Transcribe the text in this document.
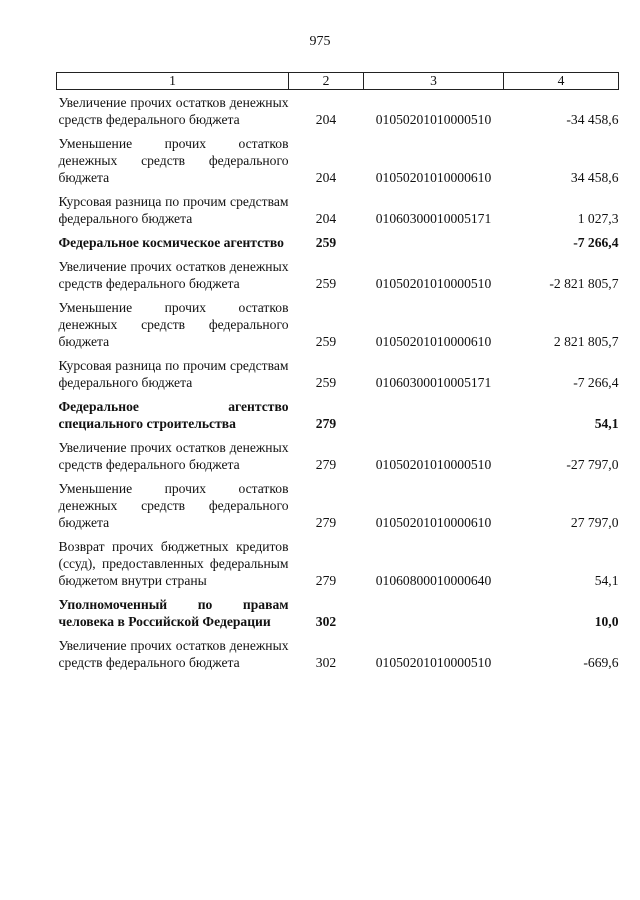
975
1	2	3	4
Увеличение прочих остатков денежных средств федерального бюджета	204	01050201010000510	-34 458,6
Уменьшение прочих остатков денежных средств федерального бюджета	204	01050201010000610	34 458,6
Курсовая разница по прочим средствам федерального бюджета	204	01060300010005171	1 027,3
Федеральное космическое агентство	259		-7 266,4
Увеличение прочих остатков денежных средств федерального бюджета	259	01050201010000510	-2 821 805,7
Уменьшение прочих остатков денежных средств федерального бюджета	259	01050201010000610	2 821 805,7
Курсовая разница по прочим средствам федерального бюджета	259	01060300010005171	-7 266,4
Федеральное агентство специального строительства	279		54,1
Увеличение прочих остатков денежных средств федерального бюджета	279	01050201010000510	-27 797,0
Уменьшение прочих остатков денежных средств федерального бюджета	279	01050201010000610	27 797,0
Возврат прочих бюджетных кредитов (ссуд), предоставленных федеральным бюджетом внутри страны	279	01060800010000640	54,1
Уполномоченный по правам человека в Российской Федерации	302		10,0
Увеличение прочих остатков денежных средств федерального бюджета	302	01050201010000510	-669,6
